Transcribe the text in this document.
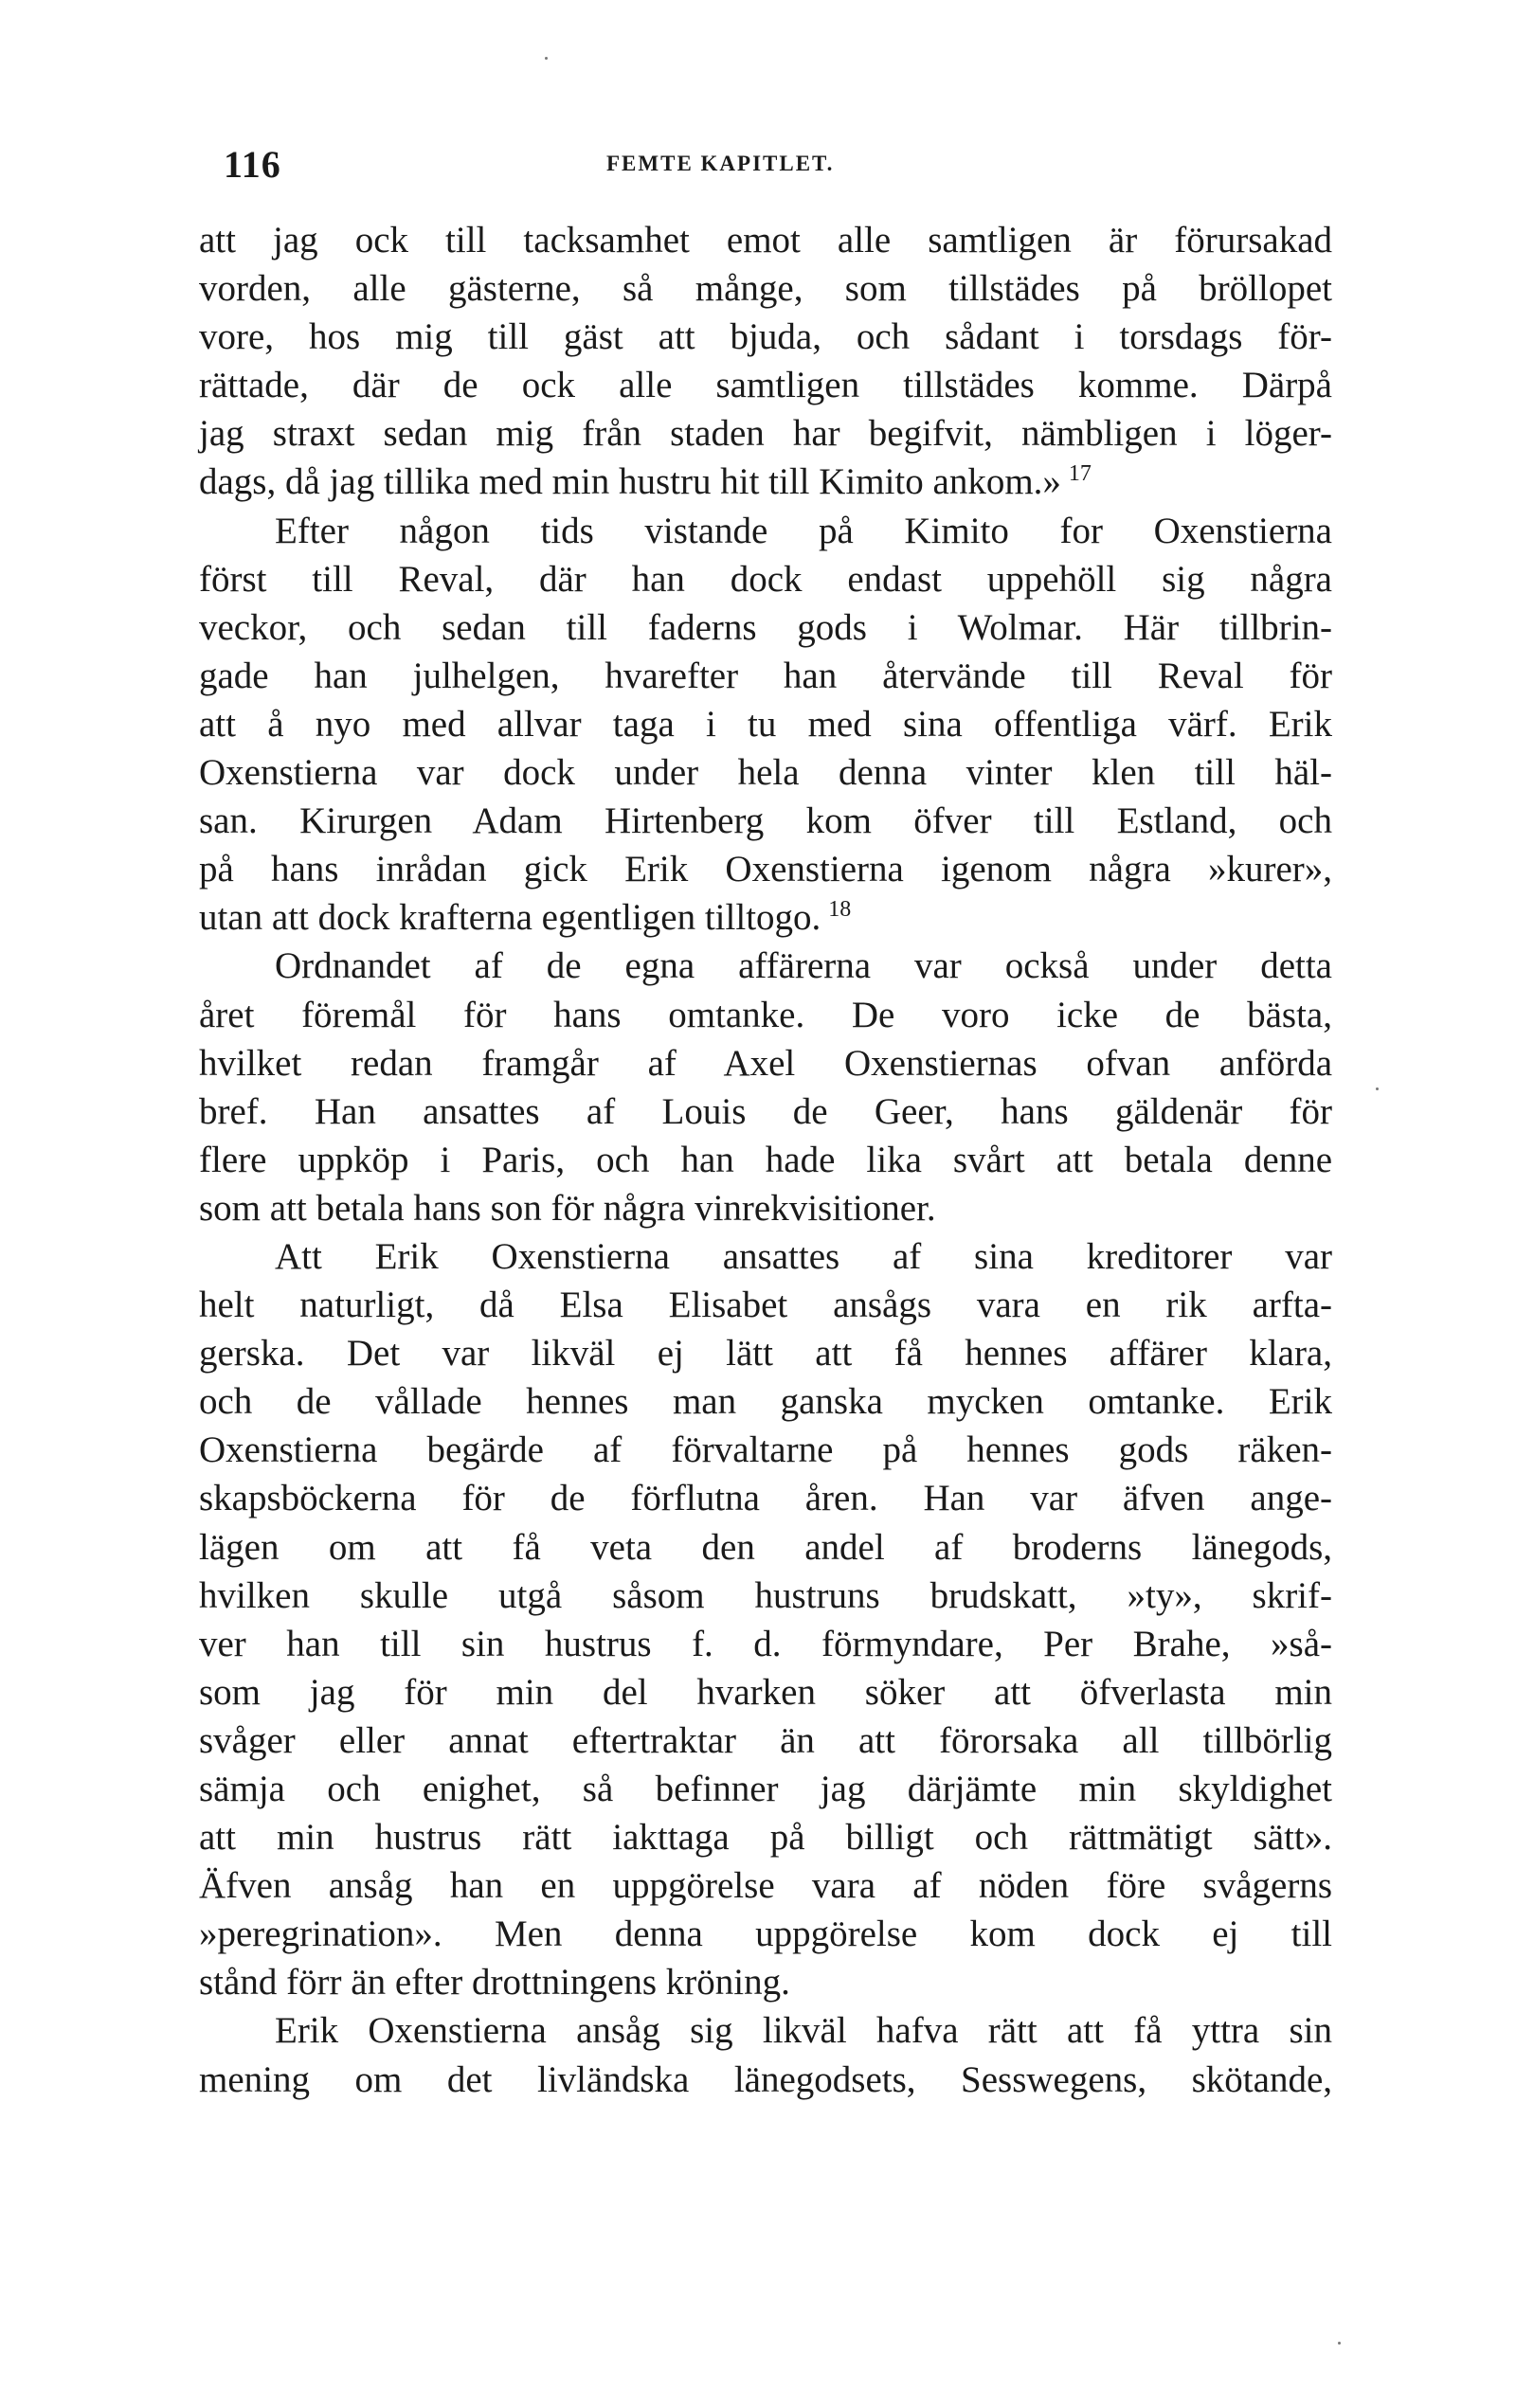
116	FEMTE KAPITLET.
att jag ock till tacksamhet emot alle samtligen är förursakad
vorden, alle gästerne, så månge, som tillstädes på bröllopet
vore, hos mig till gäst att bjuda, och sådant i torsdags för-
rättade, där de ock alle samtligen tillstädes komme. Därpå
jag straxt sedan mig från staden har begifvit, nämbligen i löger-
dags, då jag tillika med min hustru hit till Kimito ankom.» $^{17}$
Efter någon tids vistande på Kimito for Oxenstierna
först till Reval, där han dock endast uppehöll sig några
veckor, och sedan till faderns gods i Wolmar. Här tillbrin-
gade han julhelgen, hvarefter han återvände till Reval för
att å nyo med allvar taga i tu med sina offentliga värf. Erik
Oxenstierna var dock under hela denna vinter klen till häl-
san. Kirurgen Adam Hirtenberg kom öfver till Estland, och
på hans inrådan gick Erik Oxenstierna igenom några »kurer»,
utan att dock krafterna egentligen tilltogo. $^{18}$
Ordnandet af de egna affärerna var också under detta
året föremål för hans omtanke. De voro icke de bästa,
hvilket redan framgår af Axel Oxenstiernas ofvan anförda
bref. Han ansattes af Louis de Geer, hans gäldenär för
flere uppköp i Paris, och han hade lika svårt att betala denne
som att betala hans son för några vinrekvisitioner.
Att Erik Oxenstierna ansattes af sina kreditorer var
helt naturligt, då Elsa Elisabet ansågs vara en rik arfta-
gerska. Det var likväl ej lätt att få hennes affärer klara,
och de vållade hennes man ganska mycken omtanke. Erik
Oxenstierna begärde af förvaltarne på hennes gods räken-
skapsböckerna för de förflutna åren. Han var äfven ange-
lägen om att få veta den andel af broderns länegods,
hvilken skulle utgå såsom hustruns brudskatt, »ty», skrif-
ver han till sin hustrus f. d. förmyndare, Per Brahe, »så-
som jag för min del hvarken söker att öfverlasta min
svåger eller annat eftertraktar än att förorsaka all tillbörlig
sämja och enighet, så befinner jag därjämte min skyldighet
att min hustrus rätt iakttaga på billigt och rättmätigt sätt».
Äfven ansåg han en uppgörelse vara af nöden före svågerns
»peregrination». Men denna uppgörelse kom dock ej till
stånd förr än efter drottningens kröning.
Erik Oxenstierna ansåg sig likväl hafva rätt att få yttra sin
mening om det livländska länegodsets, Sesswegens, skötande,
